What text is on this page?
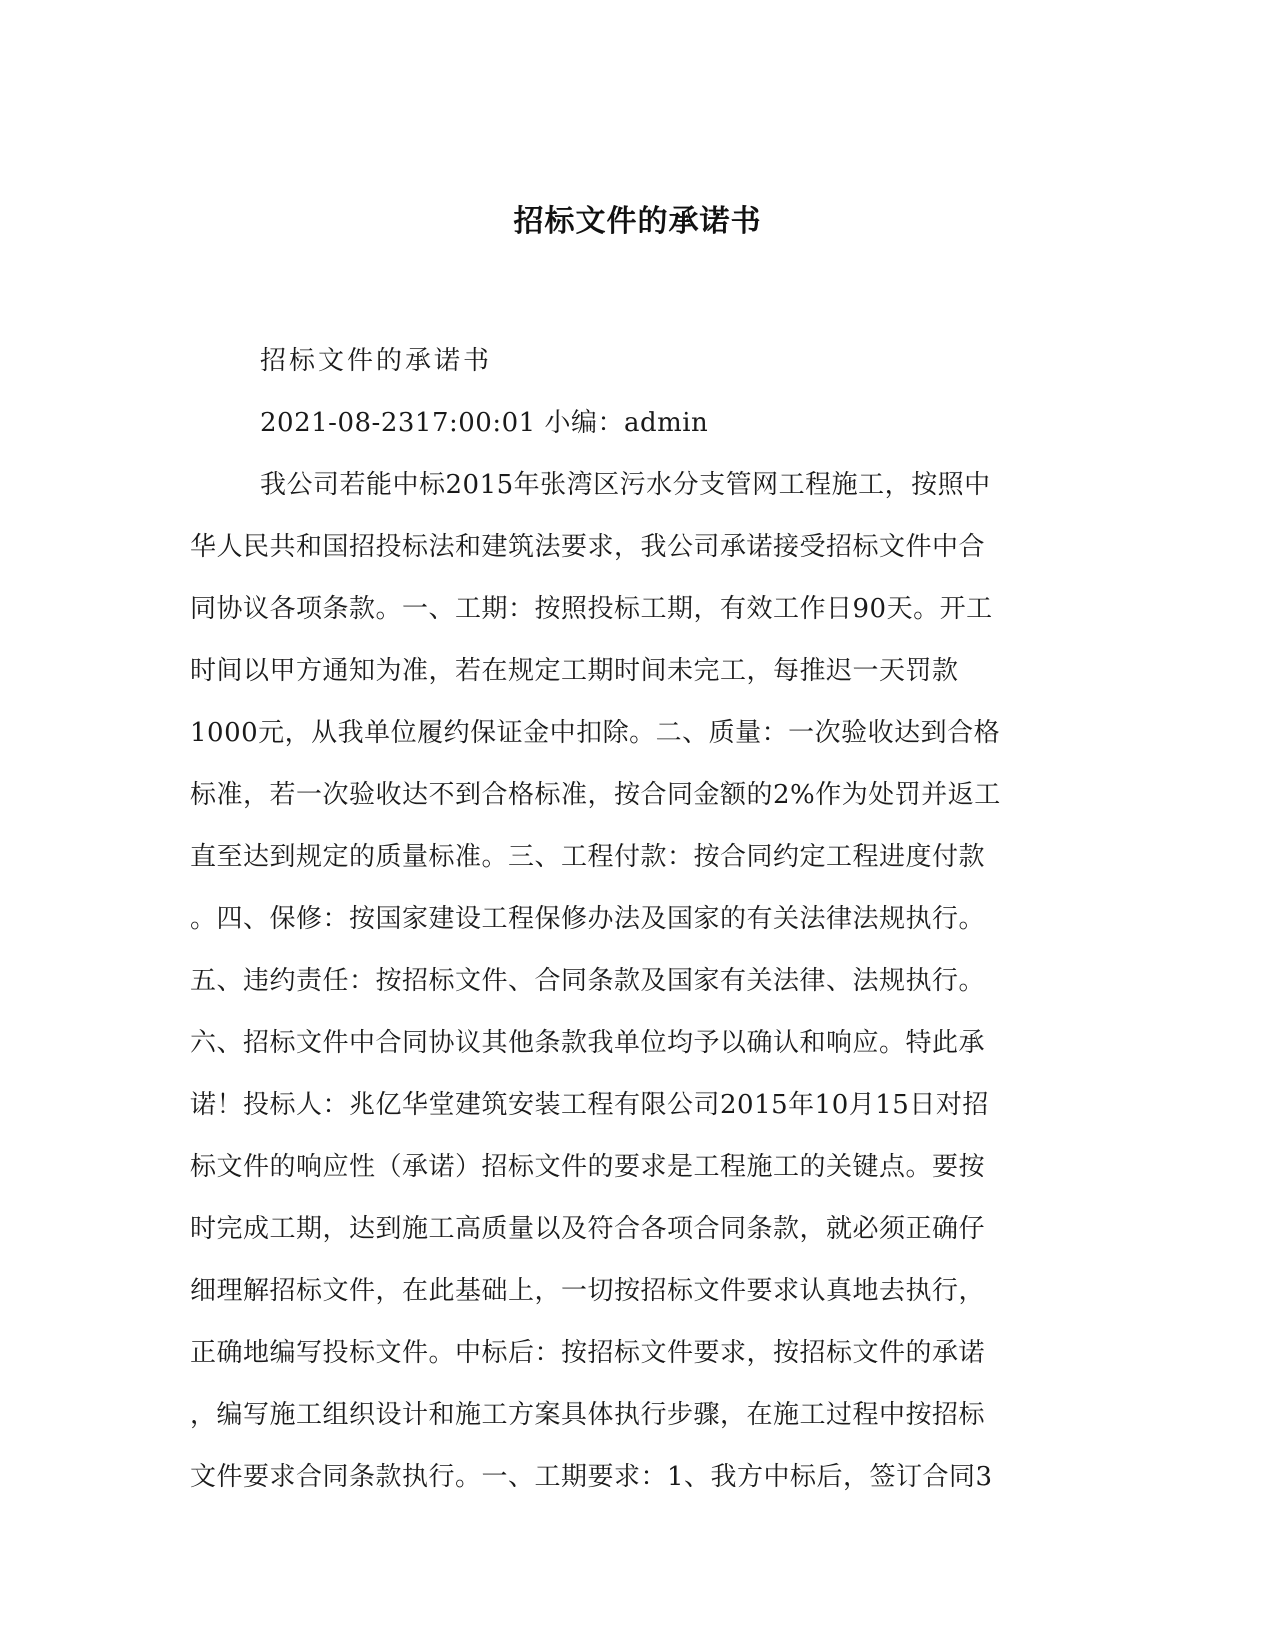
招标文件的承诺书
招标文件的承诺书
2021-08-2317:00:01 小编：admin
我公司若能中标2015年张湾区污水分支管网工程施工，按照中
华人民共和国招投标法和建筑法要求，我公司承诺接受招标文件中合
同协议各项条款。一、工期：按照投标工期，有效工作日90天。开工
时间以甲方通知为准，若在规定工期时间未完工，每推迟一天罚款
1000元，从我单位履约保证金中扣除。二、质量：一次验收达到合格
标准，若一次验收达不到合格标准，按合同金额的2%作为处罚并返工
直至达到规定的质量标准。三、工程付款：按合同约定工程进度付款
。四、保修：按国家建设工程保修办法及国家的有关法律法规执行。
五、违约责任：按招标文件、合同条款及国家有关法律、法规执行。
六、招标文件中合同协议其他条款我单位均予以确认和响应。特此承
诺！投标人：兆亿华堂建筑安装工程有限公司2015年10月15日对招
标文件的响应性（承诺）招标文件的要求是工程施工的关键点。要按
时完成工期，达到施工高质量以及符合各项合同条款，就必须正确仔
细理解招标文件，在此基础上，一切按招标文件要求认真地去执行，
正确地编写投标文件。中标后：按招标文件要求，按招标文件的承诺
，编写施工组织设计和施工方案具体执行步骤，在施工过程中按招标
文件要求合同条款执行。一、工期要求：1、我方中标后，签订合同3
